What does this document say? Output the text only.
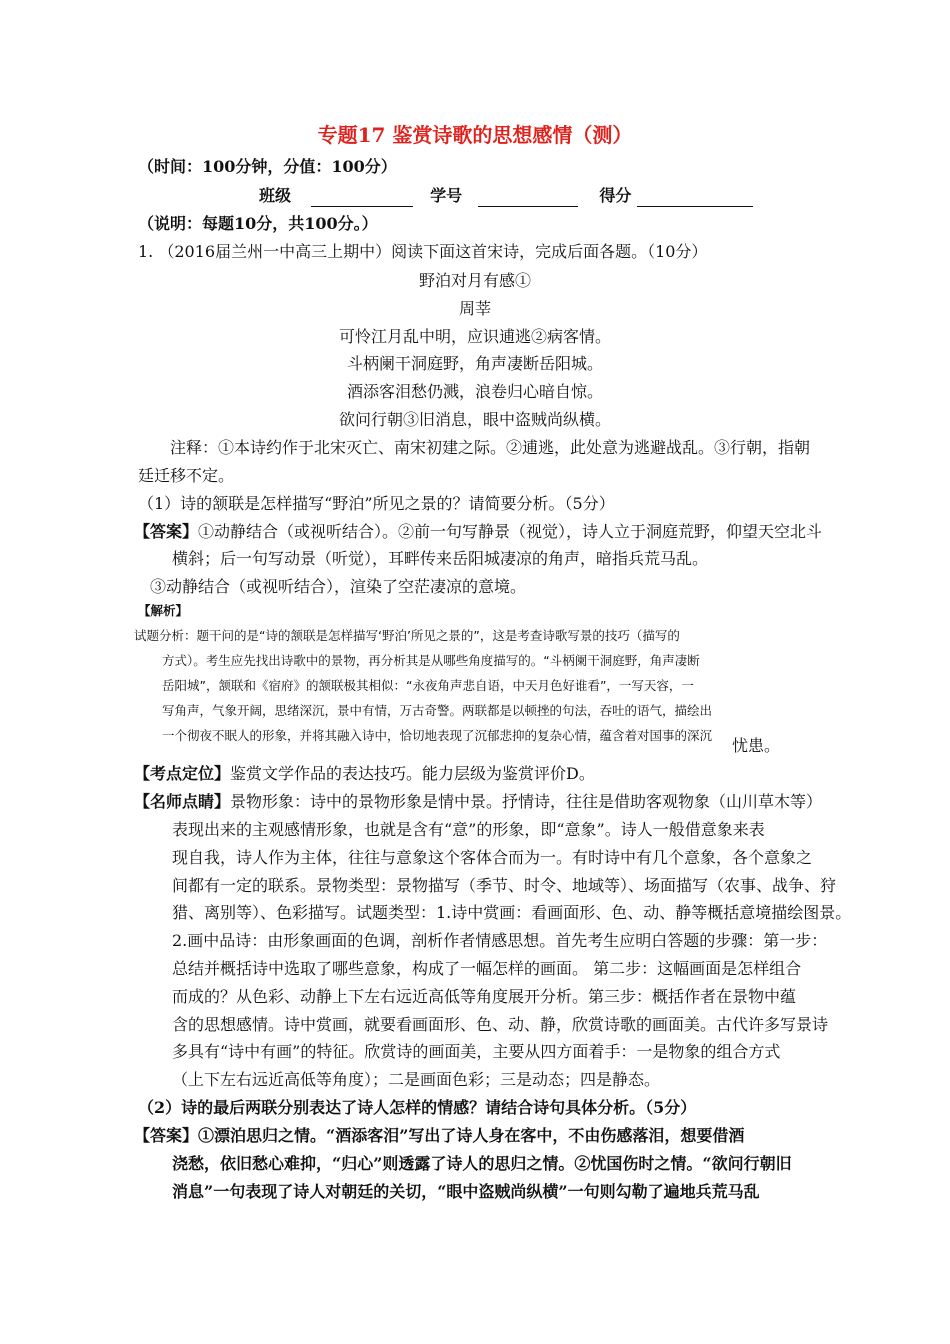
专题17 鉴赏诗歌的思想感情（测）
（时间：100分钟，分值：100分）
班级	学号	得分
（说明：每题10分，共100分。）
1. （2016届兰州一中高三上期中）阅读下面这首宋诗，完成后面各题。（10分）
野泊对月有感①
周莘
可怜江月乱中明，应识逋逃②病客情。
斗柄阑干洞庭野，角声凄断岳阳城。
酒添客泪愁仍溅，浪卷归心暗自惊。
欲问行朝③旧消息，眼中盗贼尚纵横。
注释：①本诗约作于北宋灭亡、南宋初建之际。②逋逃，此处意为逃避战乱。③行朝，指朝
廷迁移不定。
（1）诗的颔联是怎样描写“野泊”所见之景的？请简要分析。（5分）
【答案】①动静结合（或视听结合）。②前一句写静景（视觉），诗人立于洞庭荒野，仰望天空北斗
横斜；后一句写动景（听觉），耳畔传来岳阳城凄凉的角声，暗指兵荒马乱。
③动静结合（或视听结合），渲染了空茫凄凉的意境。
【解析】
试题分析：题干问的是“诗的颔联是怎样描写‘野泊’所见之景的”，这是考查诗歌写景的技巧（描写的
方式）。考生应先找出诗歌中的景物，再分析其是从哪些角度描写的。“斗柄阑干洞庭野，角声凄断
岳阳城”，颔联和《宿府》的颔联极其相似：“永夜角声悲自语，中天月色好谁看”，一写天容，一
写角声，气象开阔，思绪深沉，景中有情，万古奇警。两联都是以顿挫的句法，吞吐的语气，描绘出
一个彻夜不眠人的形象，并将其融入诗中，恰切地表现了沉郁悲抑的复杂心情，蕴含着对国事的深沉
忧患。
【考点定位】鉴赏文学作品的表达技巧。能力层级为鉴赏评价D。
【名师点睛】景物形象：诗中的景物形象是情中景。抒情诗，往往是借助客观物象（山川草木等）
表现出来的主观感情形象，也就是含有“意”的形象，即“意象”。诗人一般借意象来表
现自我，诗人作为主体，往往与意象这个客体合而为一。有时诗中有几个意象，各个意象之
间都有一定的联系。景物类型：景物描写（季节、时令、地域等）、场面描写（农事、战争、狩
猎、离别等）、色彩描写。试题类型：1.诗中赏画：看画面形、色、动、静等概括意境描绘图景。
2.画中品诗：由形象画面的色调，剖析作者情感思想。首先考生应明白答题的步骤：第一步：
总结并概括诗中选取了哪些意象，构成了一幅怎样的画面。 第二步：这幅画面是怎样组合
而成的？从色彩、动静上下左右远近高低等角度展开分析。第三步：概括作者在景物中蕴
含的思想感情。诗中赏画，就要看画面形、色、动、静，欣赏诗歌的画面美。古代许多写景诗
多具有“诗中有画”的特征。欣赏诗的画面美，主要从四方面着手：一是物象的组合方式
（上下左右远近高低等角度）；二是画面色彩；三是动态；四是静态。
（2）诗的最后两联分别表达了诗人怎样的情感？请结合诗句具体分析。（5分）
【答案】①漂泊思归之情。“酒添客泪”写出了诗人身在客中，不由伤感落泪，想要借酒
浇愁，依旧愁心难抑，“归心”则透露了诗人的思归之情。②忧国伤时之情。“欲问行朝旧
消息”一句表现了诗人对朝廷的关切，“眼中盗贼尚纵横”一句则勾勒了遍地兵荒马乱
